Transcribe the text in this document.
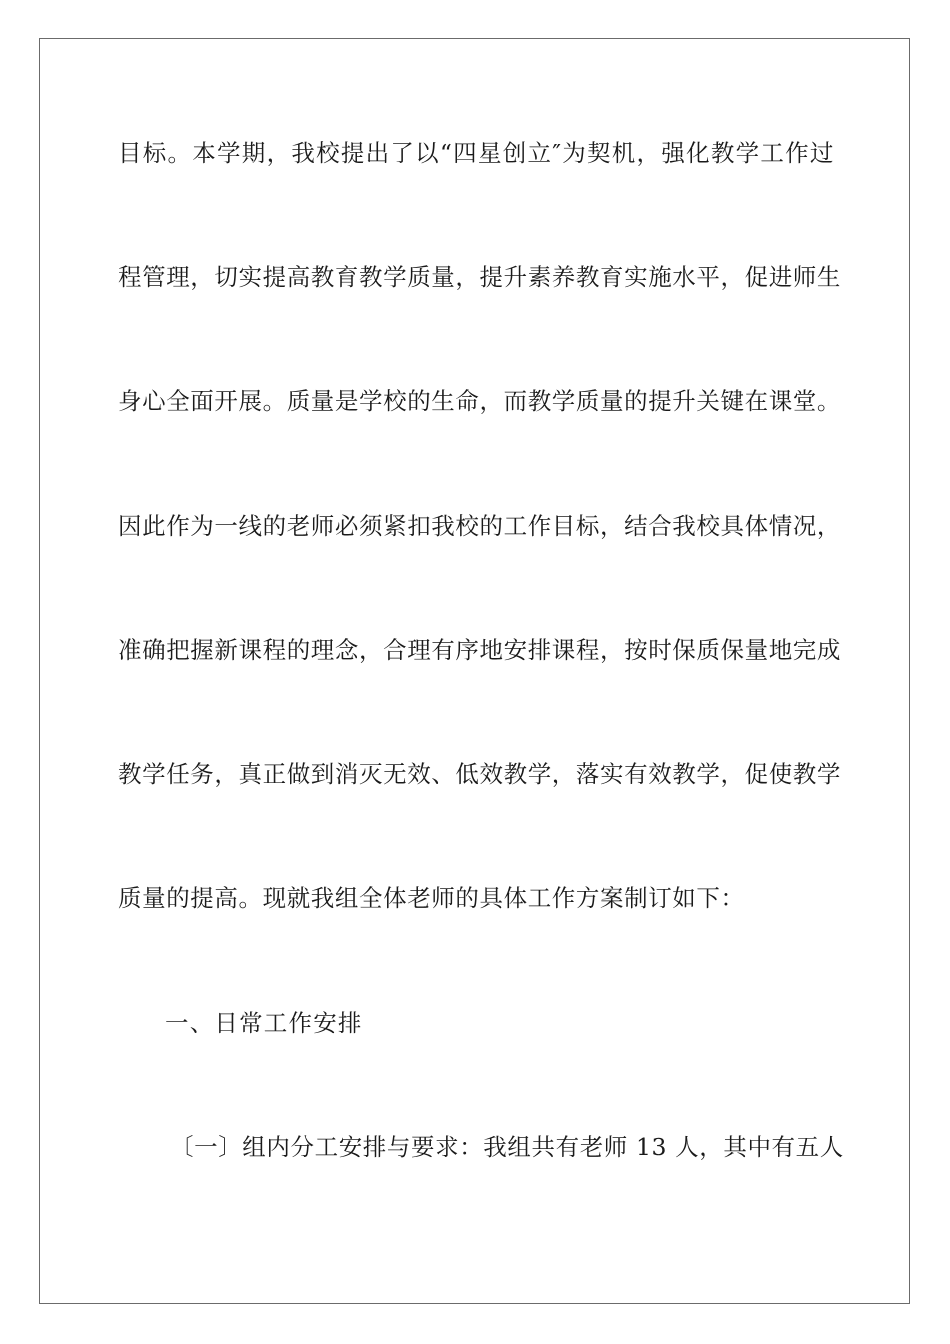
目标。本学期，我校提出了以“四星创立″为契机，强化教学工作过
程管理，切实提高教育教学质量，提升素养教育实施水平，促进师生
身心全面开展。质量是学校的生命，而教学质量的提升关键在课堂。
因此作为一线的老师必须紧扣我校的工作目标，结合我校具体情况，
准确把握新课程的理念，合理有序地安排课程，按时保质保量地完成
教学任务，真正做到消灭无效、低效教学，落实有效教学，促使教学
质量的提高。现就我组全体老师的具体工作方案制订如下：
一、日常工作安排
〔一〕组内分工安排与要求：我组共有老师 13 人，其中有五人
